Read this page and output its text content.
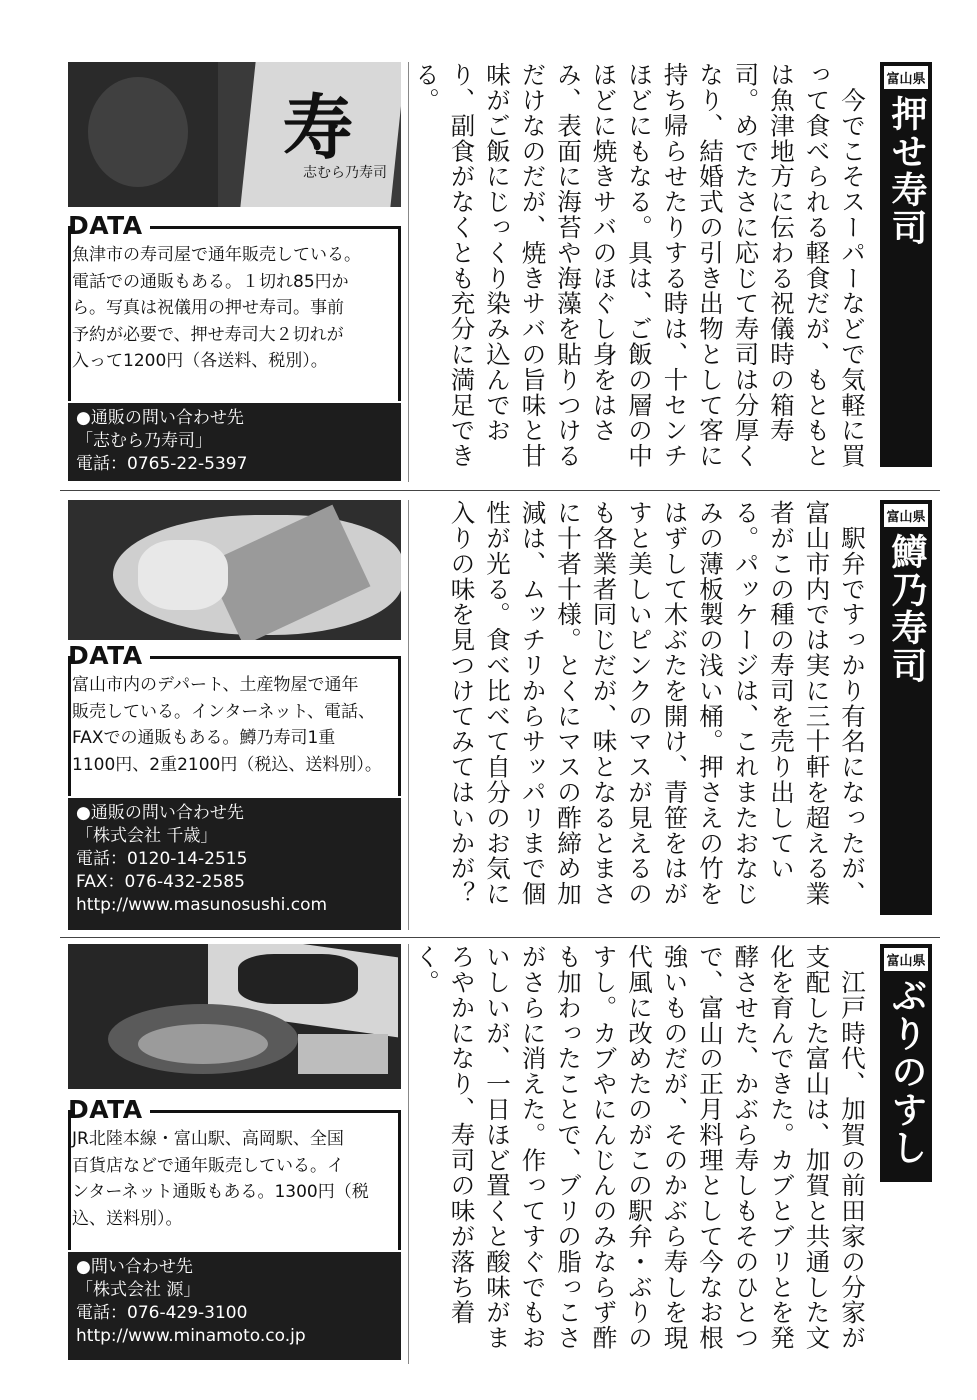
寿
志むら乃寿司
DATA
魚津市の寿司屋で通年販売している。
電話での通販もある。１切れ85円か
ら。写真は祝儀用の押せ寿司。事前
予約が必要で、押せ寿司大２切れが
入って1200円（各送料、税別）。
●通販の問い合わせ先
「志むら乃寿司」
電話：0765-22-5397	　今でこそスーパーなどで気軽に買って食べられる軽食だが、もともとは魚津地方に伝わる祝儀時の箱寿司。めでたさに応じて寿司は分厚くなり、結婚式の引き出物として客に持ち帰らせたりする時は、十センチほどにもなる。具は、ご飯の層の中ほどに焼きサバのほぐし身をはさみ、表面に海苔や海藻を貼りつけるだけなのだが、焼きサバの旨味と甘味がご飯にじっくり染み込んでおり、副食がなくとも充分に満足できる。	富山県
押せ寿司
DATA
富山市内のデパート、土産物屋で通年
販売している。インターネット、電話、
FAXでの通販もある。鱒乃寿司1重
1100円、2重2100円（税込、送料別）。
●通販の問い合わせ先
「株式会社 千歳」
電話：0120-14-2515
FAX：076-432-2585
http://www.masunosushi.com	　駅弁ですっかり有名になったが、富山市内では実に三十軒を超える業者がこの種の寿司を売り出している。パッケージは、これまたおなじみの薄板製の浅い桶。押さえの竹をはずして木ぶたを開け、青笹をはがすと美しいピンクのマスが見えるのも各業者同じだが、味となるとまさに十者十様。とくにマスの酢締め加減は、ムッチリからサッパリまで個性が光る。食べ比べて自分のお気に入りの味を見つけてみてはいかが？	富山県
鱒乃寿司
DATA
JR北陸本線・富山駅、高岡駅、全国
百貨店などで通年販売している。イ
ンターネット通販もある。1300円（税
込、送料別）。
●問い合わせ先
「株式会社 源」
電話：076-429-3100
http://www.minamoto.co.jp	　江戸時代、加賀の前田家の分家が支配した富山は、加賀と共通した文化を育んできた。カブとブリとを発酵させた、かぶら寿しもそのひとつで、富山の正月料理として今なお根強いものだが、そのかぶら寿しを現代風に改めたのがこの駅弁・ぶりのすし。カブやにんじんのみならず酢も加わったことで、ブリの脂っこさがさらに消えた。作ってすぐでもおいしいが、一日ほど置くと酸味がまろやかになり、寿司の味が落ち着く。	富山県
ぶりのすし
